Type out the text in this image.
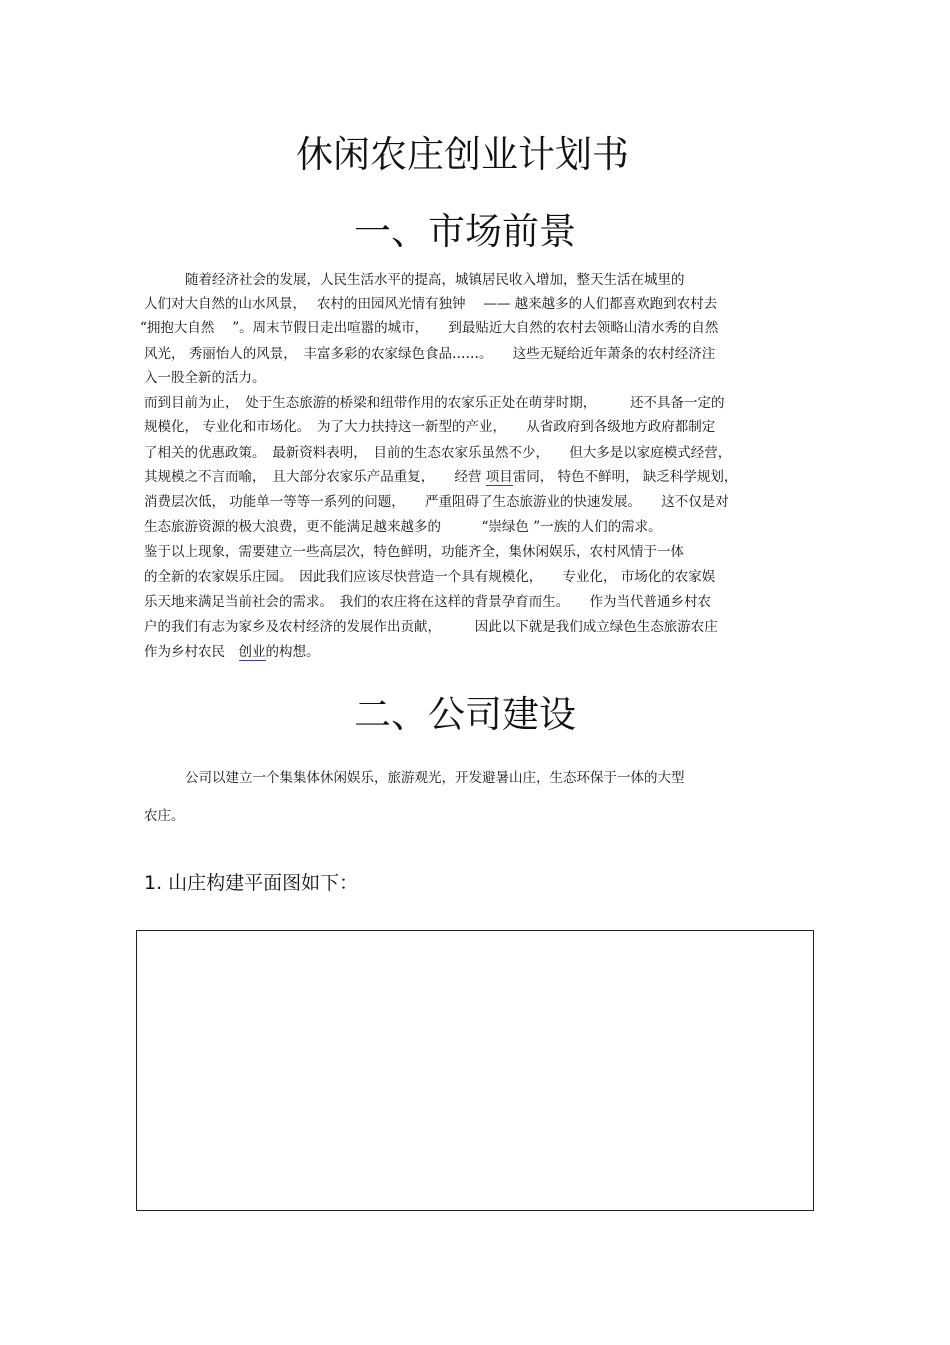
休闲农庄创业计划书
一、市场前景
随着经济社会的发展，人民生活水平的提高，城镇居民收入增加，整天生活在城里的
人们对大自然的山水风景，　 农村的田园风光情有独钟　 —— 越来越多的人们都喜欢跑到农村去
“拥抱大自然　 ”。周末节假日走出喧嚣的城市，　　到最贴近大自然的农村去领略山清水秀的自然
风光， 秀丽怡人的风景，　丰富多彩的农家绿色食品……。　　这些无疑给近年萧条的农村经济注
入一股全新的活力。
而到目前为止，　处于生态旅游的桥梁和纽带作用的农家乐正处在萌芽时期，　　　还不具备一定的
规模化， 专业化和市场化。　为了大力扶持这一新型的产业，　　从省政府到各级地方政府都制定
了相关的优惠政策。　最新资料表明，　目前的生态农家乐虽然不少，　　但大多是以家庭模式经营，
其规模之不言而喻，　且大部分农家乐产品重复，　　经营 项目雷同， 特色不鲜明， 缺乏科学规划，
消费层次低， 功能单一等等一系列的问题，　　严重阻碍了生态旅游业的快速发展。　　这不仅是对
生态旅游资源的极大浪费，更不能满足越来越多的　　　“崇绿色 ”一族的人们的需求。
鉴于以上现象，需要建立一些高层次，特色鲜明，功能齐全，集休闲娱乐，农村风情于一体
的全新的农家娱乐庄园。　因此我们应该尽快营造一个具有规模化，　　专业化， 市场化的农家娱
乐天地来满足当前社会的需求。　我们的农庄将在这样的背景孕育而生。　　作为当代普通乡村农
户的我们有志为家乡及农村经济的发展作出贡献，　　　因此以下就是我们成立绿色生态旅游农庄
作为乡村农民　创业的构想。
二、公司建设
公司以建立一个集集体休闲娱乐，旅游观光，开发避暑山庄，生态环保于一体的大型
农庄。
1. 山庄构建平面图如下：
